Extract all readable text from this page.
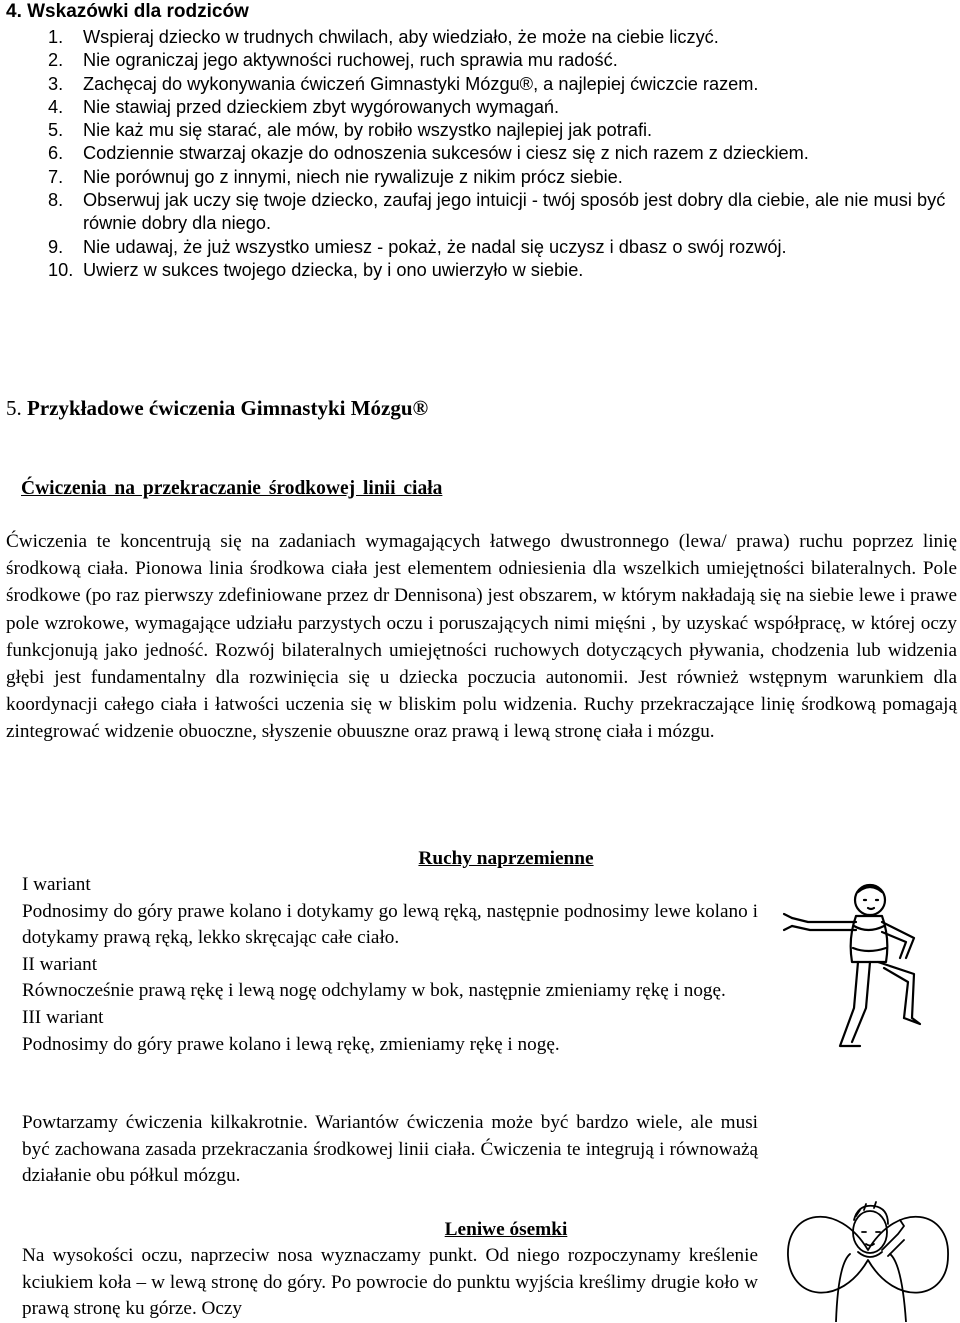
4. Wskazówki dla rodziców
1. Wspieraj dziecko w trudnych chwilach, aby wiedziało, że może na ciebie liczyć.
2. Nie ograniczaj jego aktywności ruchowej, ruch sprawia mu radość.
3. Zachęcaj do wykonywania ćwiczeń Gimnastyki Mózgu®, a najlepiej ćwiczcie razem.
4. Nie stawiaj przed dzieckiem zbyt wygórowanych wymagań.
5. Nie każ mu się starać, ale mów, by robiło wszystko najlepiej jak potrafi.
6. Codziennie stwarzaj okazje do odnoszenia sukcesów i ciesz się z nich razem z dzieckiem.
7. Nie porównuj go z innymi, niech nie rywalizuje z nikim prócz siebie.
8. Obserwuj jak uczy się twoje dziecko, zaufaj jego intuicji - twój sposób jest dobry dla ciebie, ale nie musi być równie dobry dla niego.
9. Nie udawaj, że już wszystko umiesz - pokaż, że nadal się uczysz i dbasz o swój rozwój.
10. Uwierz w sukces twojego dziecka, by i ono uwierzyło w siebie.
5. Przykładowe ćwiczenia Gimnastyki Mózgu®
Ćwiczenia na przekraczanie środkowej linii ciała

Ćwiczenia te koncentrują się na zadaniach wymagających łatwego dwustronnego (lewa/ prawa) ruchu poprzez linię środkową ciała. Pionowa linia środkowa ciała jest elementem odniesienia dla wszelkich umiejętności bilateralnych. Pole środkowe (po raz pierwszy zdefiniowane przez dr Dennisona) jest obszarem, w którym nakładają się na siebie lewe i prawe pole wzrokowe, wymagające udziału parzystych oczu i poruszających nimi mięśni , by uzyskać współpracę, w której oczy funkcjonują jako jedność. Rozwój bilateralnych umiejętności ruchowych dotyczących pływania, chodzenia lub widzenia głębi jest fundamentalny dla rozwinięcia się u dziecka poczucia autonomii. Jest również wstępnym warunkiem dla koordynacji całego ciała i łatwości uczenia się w bliskim polu widzenia. Ruchy przekraczające linię środkową pomagają zintegrować widzenie obuoczne, słyszenie obuuszne oraz prawą i lewą stronę ciała i mózgu.

Ruchy naprzemienne

I wariant

Podnosimy do góry prawe kolano i dotykamy go lewą ręką, następnie podnosimy lewe kolano i dotykamy prawą ręką, lekko skręcając całe ciało.

II wariant

Równocześnie prawą rękę i lewą nogę odchylamy w bok, następnie zmieniamy rękę i nogę.

III wariant

Podnosimy do góry prawe kolano i lewą rękę, zmieniamy rękę i nogę.

Powtarzamy ćwiczenia kilkakrotnie. Wariantów ćwiczenia może być bardzo wiele, ale musi być zachowana zasada przekraczania środkowej linii ciała. Ćwiczenia te integrują i równoważą działanie obu półkul mózgu.

Leniwe ósemki

Na wysokości oczu, naprzeciw nosa wyznaczamy punkt. Od niego rozpoczynamy kreślenie kciukiem koła – w lewą stronę do góry. Po powrocie do punktu wyjścia kreślimy drugie koło w prawą stronę ku górze. Oczy
